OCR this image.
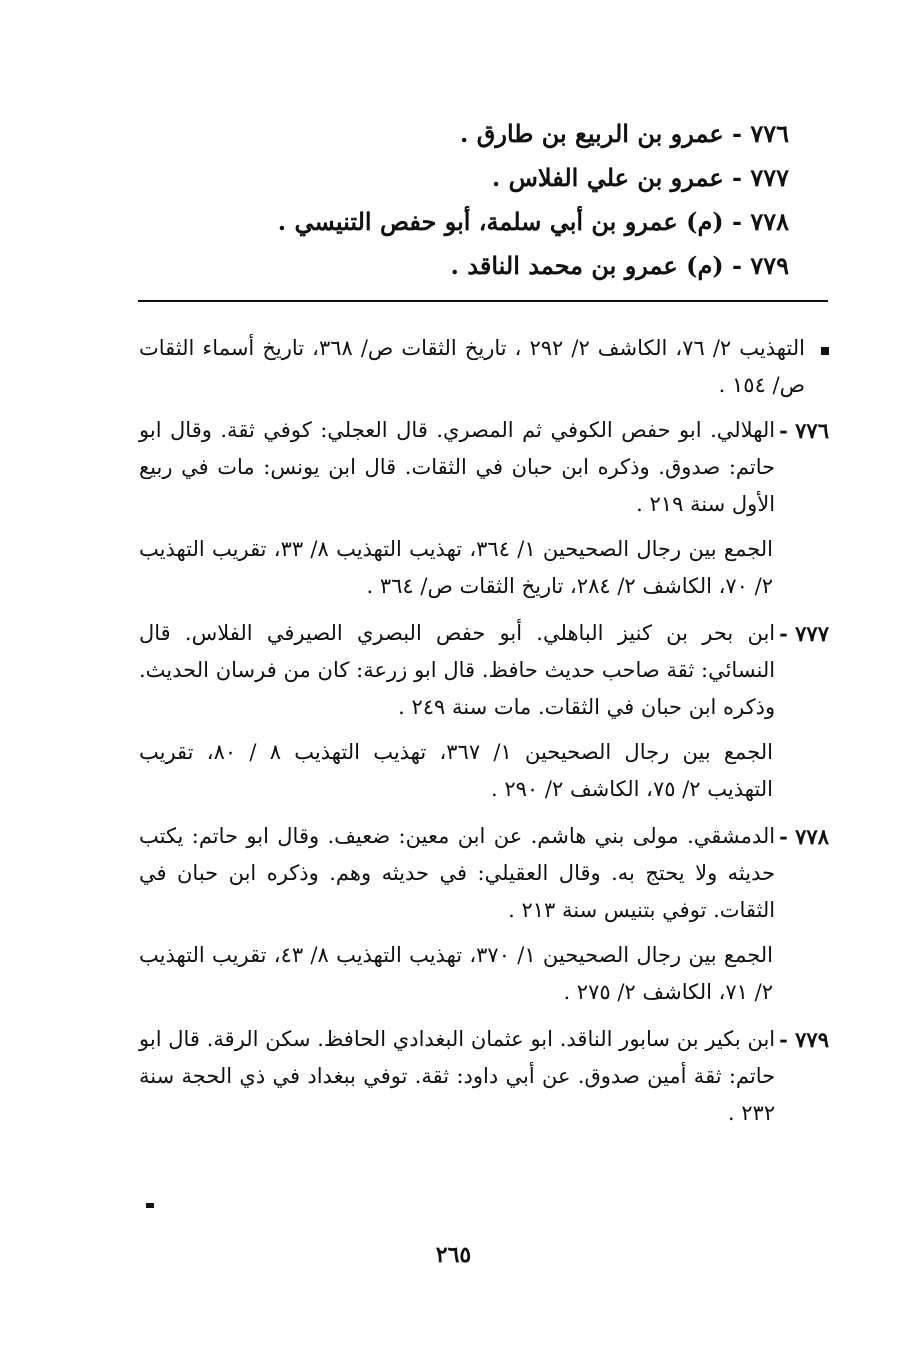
٧٧٦ - عمرو بن الربيع بن طارق .

٧٧٧ - عمرو بن علي الفلاس .

٧٧٨ - (م) عمرو بن أبي سلمة، أبو حفص التنيسي .

٧٧٩ - (م) عمرو بن محمد الناقد .

التهذيب ٢/ ٧٦، الكاشف ٢/ ٢٩٢ ، تاريخ الثقات ص/ ٣٦٨، تاريخ أسماء الثقات ص/ ١٥٤ .
٧٧٦ -
الهلالي. ابو حفص الكوفي ثم المصري. قال العجلي: كوفي ثقة. وقال ابو حاتم: صدوق. وذكره ابن حبان في الثقات. قال ابن يونس: مات في ربيع الأول سنة ٢١٩ .

الجمع بين رجال الصحيحين ١/ ٣٦٤، تهذيب التهذيب ٨/ ٣٣، تقريب التهذيب ٢/ ٧٠، الكاشف ٢/ ٢٨٤، تاريخ الثقات ص/ ٣٦٤ .

٧٧٧ -
ابن بحر بن كنيز الباهلي. أبو حفص البصري الصيرفي الفلاس. قال النسائي: ثقة صاحب حديث حافظ. قال ابو زرعة: كان من فرسان الحديث. وذكره ابن حبان في الثقات. مات سنة ٢٤٩ .

الجمع بين رجال الصحيحين ١/ ٣٦٧، تهذيب التهذيب ٨ / ٨٠، تقريب التهذيب ٢/ ٧٥، الكاشف ٢/ ٢٩٠ .

٧٧٨ -
الدمشقي. مولى بني هاشم. عن ابن معين: ضعيف. وقال ابو حاتم: يكتب حديثه ولا يحتج به. وقال العقيلي: في حديثه وهم. وذكره ابن حبان في الثقات. توفي بتنيس سنة ٢١٣ .

الجمع بين رجال الصحيحين ١/ ٣٧٠، تهذيب التهذيب ٨/ ٤٣، تقريب التهذيب ٢/ ٧١، الكاشف ٢/ ٢٧٥ .

٧٧٩ -
ابن بكير بن سابور الناقد. ابو عثمان البغدادي الحافظ. سكن الرقة. قال ابو حاتم: ثقة أمين صدوق. عن أبي داود: ثقة. توفي ببغداد في ذي الحجة سنة ٢٣٢ .
٢٦٥
